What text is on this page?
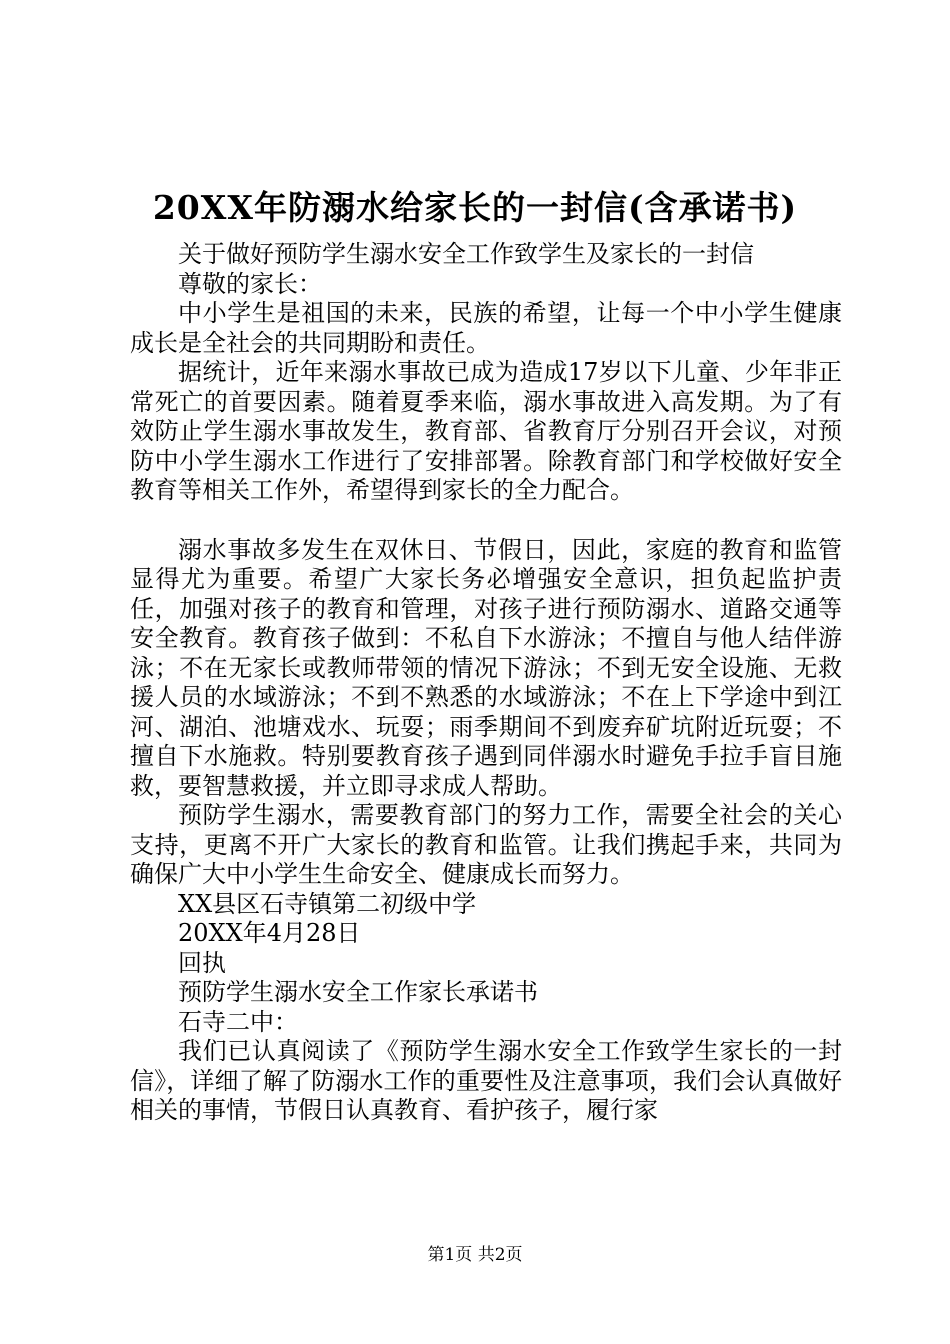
20XX年防溺水给家长的一封信(含承诺书)

关于做好预防学生溺水安全工作致学生及家长的一封信

尊敬的家长：

中小学生是祖国的未来，民族的希望，让每一个中小学生健康成长是全社会的共同期盼和责任。

据统计，近年来溺水事故已成为造成17岁以下儿童、少年非正常死亡的首要因素。随着夏季来临，溺水事故进入高发期。为了有效防止学生溺水事故发生，教育部、省教育厅分别召开会议，对预防中小学生溺水工作进行了安排部署。除教育部门和学校做好安全教育等相关工作外，希望得到家长的全力配合。

溺水事故多发生在双休日、节假日，因此，家庭的教育和监管显得尤为重要。希望广大家长务必增强安全意识，担负起监护责任，加强对孩子的教育和管理，对孩子进行预防溺水、道路交通等安全教育。教育孩子做到：不私自下水游泳；不擅自与他人结伴游泳；不在无家长或教师带领的情况下游泳；不到无安全设施、无救援人员的水域游泳；不到不熟悉的水域游泳；不在上下学途中到江河、湖泊、池塘戏水、玩耍；雨季期间不到废弃矿坑附近玩耍；不擅自下水施救。特别要教育孩子遇到同伴溺水时避免手拉手盲目施救，要智慧救援，并立即寻求成人帮助。

预防学生溺水，需要教育部门的努力工作，需要全社会的关心支持，更离不开广大家长的教育和监管。让我们携起手来，共同为确保广大中小学生生命安全、健康成长而努力。

XX县区石寺镇第二初级中学

20XX年4月28日

回执

预防学生溺水安全工作家长承诺书

石寺二中：

我们已认真阅读了《预防学生溺水安全工作致学生家长的一封信》，详细了解了防溺水工作的重要性及注意事项，我们会认真做好相关的事情，节假日认真教育、看护孩子，履行家

第1页 共2页
